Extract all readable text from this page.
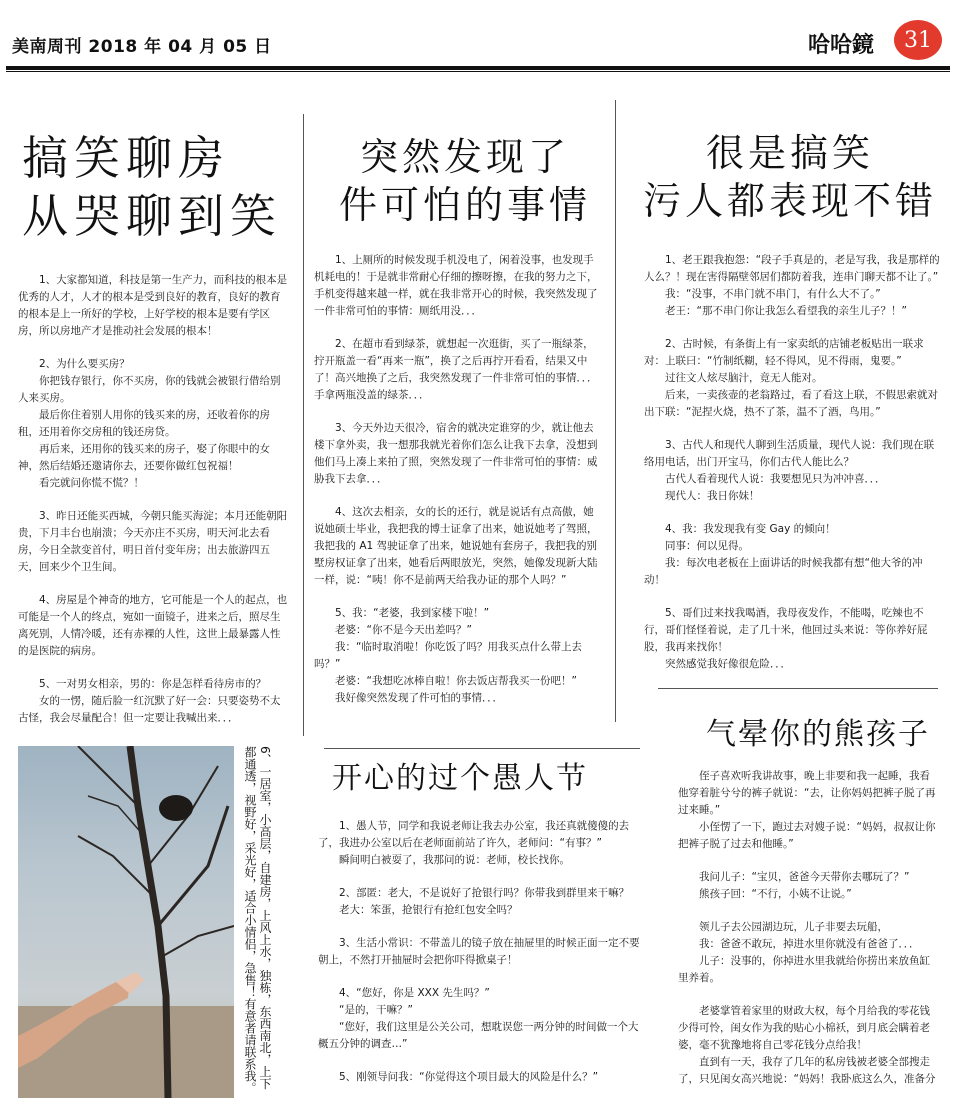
美南周刊 2018 年 04 月 05 日	哈哈鏡 31
搞笑聊房
从哭聊到笑

1、大家都知道，科技是第一生产力，而科技的根本是优秀的人才，人才的根本是受到良好的教育，良好的教育的根本是上一所好的学校，上好学校的根本是要有学区房，所以房地产才是推动社会发展的根本！

2、为什么要买房？

你把钱存银行，你不买房，你的钱就会被银行借给别人来买房。

最后你住着别人用你的钱买来的房，还收着你的房租，还用着你交房租的钱还房贷。

再后来，还用你的钱买来的房子，娶了你眼中的女神，然后结婚还邀请你去，还要你做红包祝福！

看完就问你慌不慌？！

3、昨日还能买西城，今朝只能买海淀；本月还能朝阳贵，下月丰台也崩溃；今天亦庄不买房，明天河北去看房，今日全款变首付，明日首付变年房；出去旅游四五天，回来少个卫生间。

4、房屋是个神奇的地方，它可能是一个人的起点，也可能是一个人的终点，宛如一面镜子，进来之后，照尽生离死别，人情冷暖，还有赤裸的人性，这世上最暴露人性的是医院的病房。

5、一对男女相亲，男的：你是怎样看待房市的？

女的一愣，随后脸一红沉默了好一会：只要姿势不太古怪，我会尽量配合！但一定要让我喊出来．．．

突然发现了
件可怕的事情

1、上厕所的时候发现手机没电了，闲着没事，也发现手机耗电的！于是就非常耐心仔细的擦呀擦，在我的努力之下，手机变得越来越一样，就在我非常开心的时候，我突然发现了一件非常可怕的事情：厕纸用没．．．

2、在超市看到绿茶，就想起一次逛街，买了一瓶绿茶，拧开瓶盖一看“再来一瓶”，换了之后再拧开看看，结果又中了！高兴地换了之后，我突然发现了一件非常可怕的事情．．．手拿两瓶没盖的绿茶．．．

3、今天外边天很冷，宿舍的就决定谁穿的少，就让他去楼下拿外卖，我一想那我就光着你们怎么让我下去拿，没想到他们马上凑上来拍了照，突然发现了一件非常可怕的事情：威胁我下去拿．．．

4、这次去相亲，女的长的还行，就是说话有点高傲，她说她硕士毕业，我把我的博士证拿了出来，她说她考了驾照，我把我的 A1 驾驶证拿了出来，她说她有套房子，我把我的别墅房权证拿了出来，她看后两眼放光，突然，她像发现新大陆一样，说：“咦！你不是前两天给我办证的那个人吗？”

5、我：“老婆，我到家楼下啦！”

老婆：“你不是今天出差吗？”

我：“临时取消啦！你吃饭了吗？用我买点什么带上去吗？”

老婆：“我想吃冰棒自啦！你去饭店帮我买一份吧！”

我好像突然发现了件可怕的事情．．．

很是搞笑
污人都表现不错

1、老王跟我抱怨：“段子手真是的，老是写我，我是那样的人么？！现在害得隔壁邻居们都防着我，连串门聊天都不让了。”

我：“没事，不串门就不串门，有什么大不了。”

老王：“那不串门你让我怎么看望我的亲生儿子？！”

2、古时候，有条街上有一家卖纸的店铺老板贴出一联求对：上联曰：“竹制纸糊，轻不得风，见不得雨，鬼要。”

过往文人炫尽脑汁，竟无人能对。

后来，一卖孩壶的老翁路过，看了看这上联，不假思索就对出下联：“泥捏火烧，热不了茶，温不了酒，鸟用。”

3、古代人和现代人聊到生活质量，现代人说：我们现在联络用电话，出门开宝马，你们古代人能比么？

古代人看着现代人说：我要想见只为冲冲喜．．．

现代人：我日你妹！

4、我：我发现我有变 Gay 的倾向！

同事：何以见得。

我：每次电老板在上面讲话的时候我都有想“他大爷的冲动！

5、哥们过来找我喝酒，我母夜发作，不能喝，吃辣也不行，哥们怪怪着说，走了几十米，他回过头来说：等你养好屁股，我再来找你！

突然感觉我好像很危险．．．

气晕你的熊孩子

侄子喜欢听我讲故事，晚上非要和我一起睡，我看他穿着脏兮兮的裤子就说：“去，让你妈妈把裤子脱了再过来睡。”

小侄愣了一下，跑过去对嫂子说：“妈妈，叔叔让你把裤子脱了过去和他睡。”

我问儿子：“宝贝，爸爸今天带你去哪玩了？”

熊孩子回：“不行，小姨不让说。”

领儿子去公园湖边玩，儿子非要去玩船，

我：爸爸不敢玩，掉进水里你就没有爸爸了．．．

儿子：没事的，你掉进水里我就给你捞出来放鱼缸里养着。

老婆掌管着家里的财政大权，每个月给我的零花钱少得可怜，闺女作为我的贴心小棉袄，到月底会瞒着老婆，毫不犹豫地将自己零花钱分点给我！

直到有一天，我存了几年的私房钱被老婆全部搜走了，只见闺女高兴地说：“妈妈！我卧底这么久，准备分

开心的过个愚人节

1、愚人节，同学和我说老师让我去办公室，我还真就傻傻的去了，我进办公室以后在老师面前站了许久，老师问：“有事？”

瞬间明白被耍了，我那问的说：老师，校长找你。

2、部匿：老大，不是说好了抢银行吗？你带我到群里来干嘛？

老大：笨蛋，抢银行有抢红包安全吗？

3、生活小常识：不带盖儿的镜子放在抽屉里的时候正面一定不要朝上，不然打开抽屉时会把你吓得掀桌子！

4、“您好，你是 XXX 先生吗？”

“是的，干嘛？”

“您好，我们这里是公关公司，想耽误您一两分钟的时间做一个大概五分钟的调查…”

5、刚领导问我：“你觉得这个项目最大的风险是什么？”

6、一居室，小高层，自建房，上风上水，独栋，东西南北，上下都通透，视野好，采光好，适合小情侣，急售！有意者请联系我。
